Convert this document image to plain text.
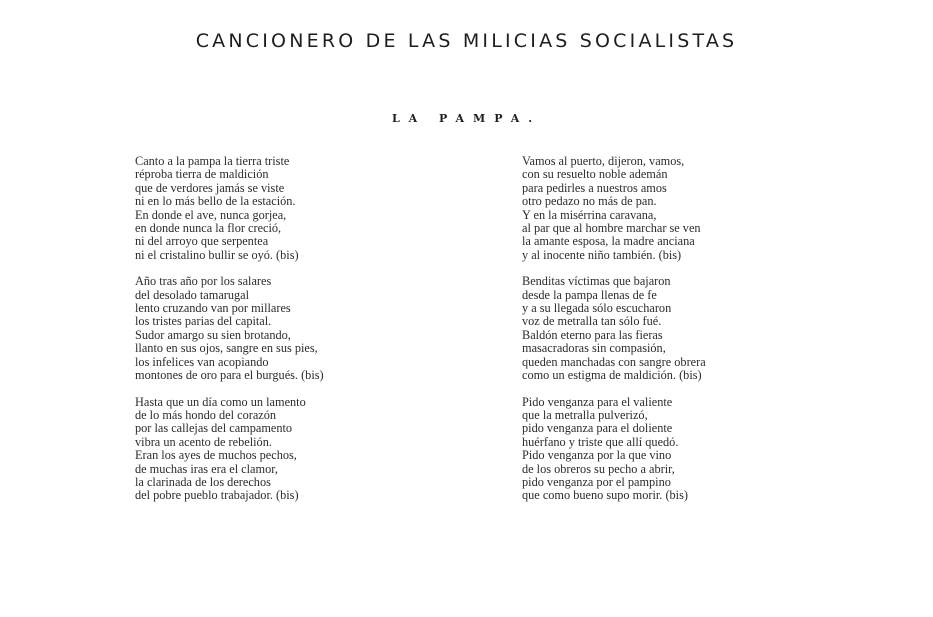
CANCIONERO DE LAS MILICIAS SOCIALISTAS
LA PAMPA.
Canto a la pampa la tierra triste
réproba tierra de maldición
que de verdores jamás se viste
ni en lo más bello de la estación.
En donde el ave, nunca gorjea,
en donde nunca la flor creció,
ni del arroyo que serpentea
ni el cristalino bullir se oyó. (bis)
Año tras año por los salares
del desolado tamarugal
lento cruzando van por millares
los tristes parias del capital.
Sudor amargo su sien brotando,
llanto en sus ojos, sangre en sus pies,
los infelices van acopiando
montones de oro para el burgués. (bis)
Hasta que un día como un lamento
de lo más hondo del corazón
por las callejas del campamento
vibra un acento de rebelión.
Eran los ayes de muchos pechos,
de muchas iras era el clamor,
la clarinada de los derechos
del pobre pueblo trabajador. (bis)
Vamos al puerto, dijeron, vamos,
con su resuelto noble ademán
para pedirles a nuestros amos
otro pedazo no más de pan.
Y en la misérrina caravana,
al par que al hombre marchar se ven
la amante esposa, la madre anciana
y al inocente niño también. (bis)
Benditas víctimas que bajaron
desde la pampa llenas de fe
y a su llegada sólo escucharon
voz de metralla tan sólo fué.
Baldón eterno para las fieras
masacradoras sin compasión,
queden manchadas con sangre obrera
como un estigma de maldición. (bis)
Pido venganza para el valiente
que la metralla pulverizó,
pido venganza para el doliente
huérfano y triste que allí quedó.
Pido venganza por la que vino
de los obreros su pecho a abrir,
pido venganza por el pampino
que como bueno supo morir. (bis)
